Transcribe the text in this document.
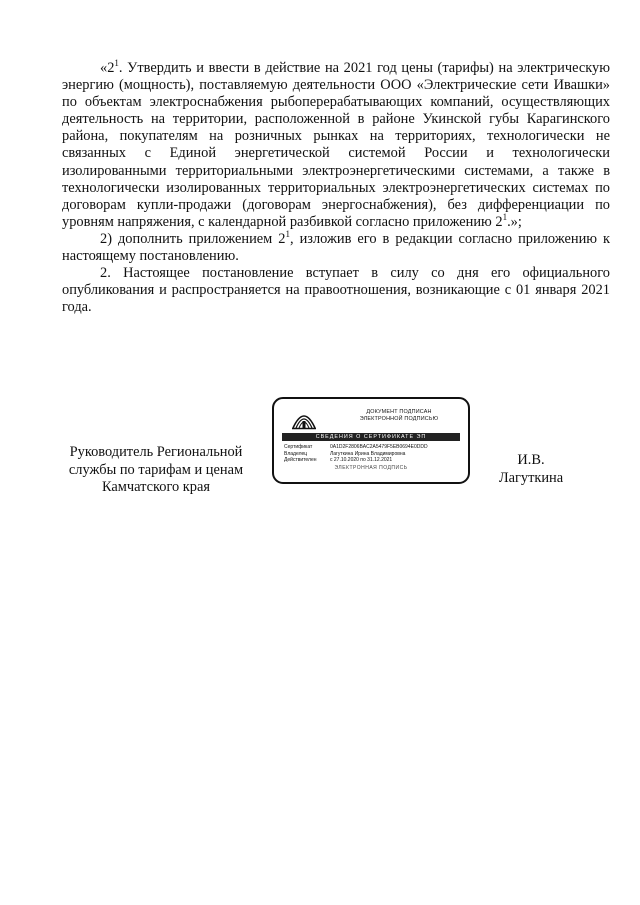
«$2^1$. Утвердить и ввести в действие на 2021 год цены (тарифы) на электрическую энергию (мощность), поставляемую деятельности ООО «Электрические сети Ивашки» по объектам электроснабжения рыбоперерабатывающих компаний, осуществляющих деятельность на территории, расположенной в районе Укинской губы Карагинского района, покупателям на розничных рынках на территориях, технологически не связанных с Единой энергетической системой России и технологически изолированными территориальными электроэнергетическими системами, а также в технологически изолированных территориальных электроэнергетических системах по договорам купли-продажи (договорам энергоснабжения), без дифференциации по уровням напряжения, с календарной разбивкой согласно приложению $2^1$.»;

2) дополнить приложением $2^1$, изложив его в редакции согласно приложению к настоящему постановлению.

2. Настоящее постановление вступает в силу со дня его официального опубликования и распространяется на правоотношения, возникающие с 01 января 2021 года.

Руководитель Региональной
службы по тарифам и ценам
Камчатского края
ДОКУМЕНТ ПОДПИСАН
ЭЛЕКТРОННОЙ ПОДПИСЬЮ
СВЕДЕНИЯ О СЕРТИФИКАТЕ ЭП
Сертификат	0A1D2F2806BAC2A5479F5EB0694E0DDD
Владелец	Лагуткина Ирина Владимировна
Действителен	с 27.10.2020 по 31.12.2021
ЭЛЕКТРОННАЯ ПОДПИСЬ	И.В.
Лагуткина
